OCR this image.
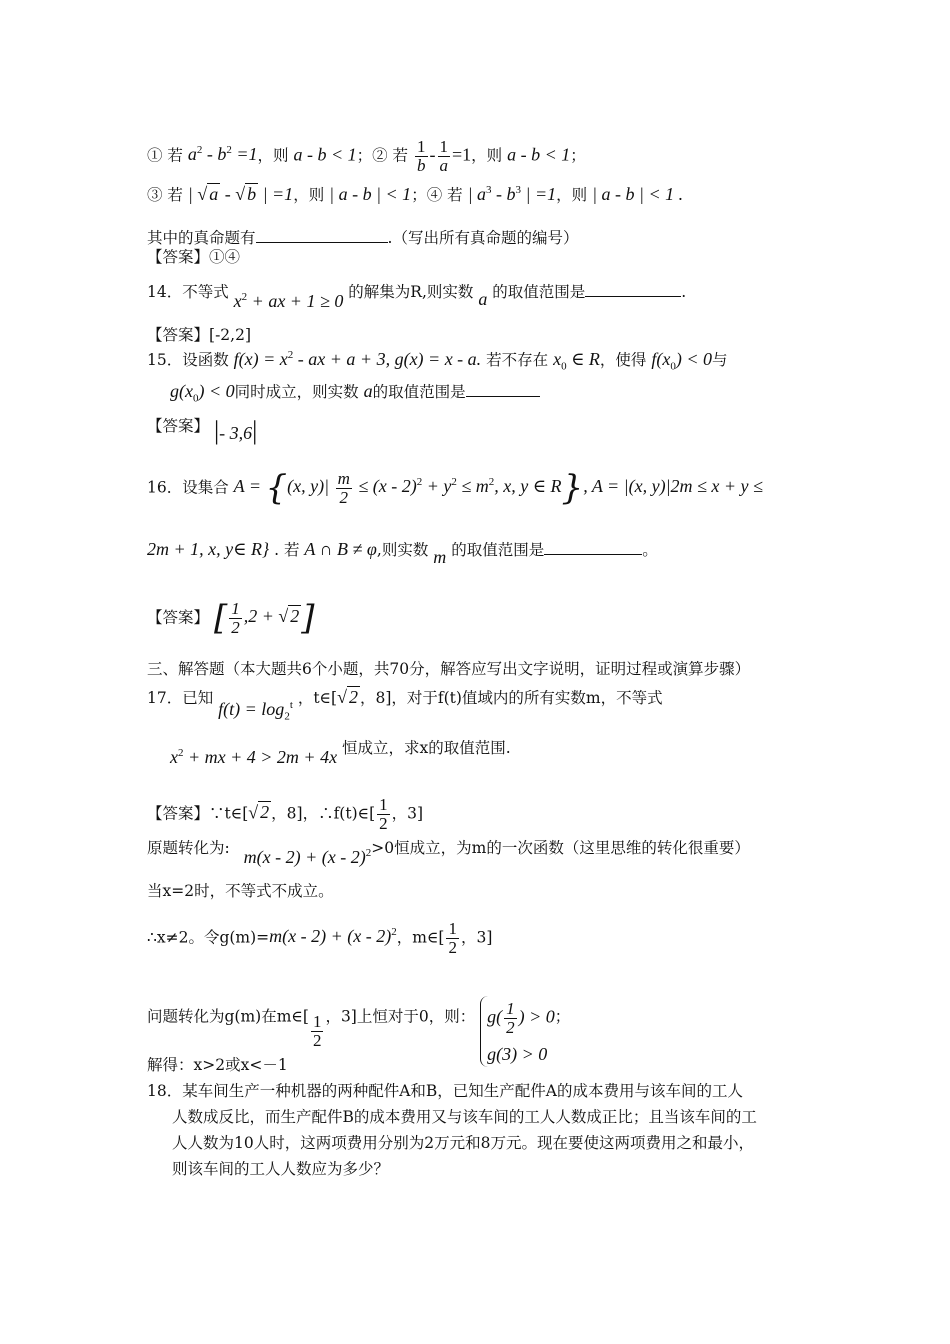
① 若 $a^2 - b^2 =1$，则 a - b < 1；② 若 $\frac{1}{b} - \frac{1}{a} =1$，则 a - b < 1；
③ 若 | √ a - √ b | =1，则 | a - b | < 1；④ 若 | $a^3 - b^3$ | =1，则 | a - b | < 1 .
其中的真命题有	.（写出所有真命题的编号）
【答案】①④
14．不等式 $x^2$ + ax + 1 ≥ 0 的解集为R,则实数 a 的取值范围是	.
【答案】[-2,2]
15．设函数 $f(x) = x^2$ - ax + a + 3, g(x) = x - a. 若不存在 $x_0$ ∈ R，使得 $f(x_0) < 0$与
$g(x_0) < 0$同时成立，则实数 a的取值范围是
【答案】 |- 3,6|
16．设集合 A = {(x, $y)| \frac{m}{2} \le (x - 2)^2 + y^2 \le m^2$, x, y ∈ R}, A = |(x, y)|2m ≤ x + y ≤
2m + 1, x, y∈ R} . 若 A ∩ B ≠ φ,则实数 m 的取值范围是	。
【答案】 [ $\frac{1}{2} ,2$ + √ 2]
三、解答题（本大题共6个小题，共70分，解答应写出文字说明，证明过程或演算步骤）
17．已知 $f(t) = \log_2^t$ ，t∈[√ 2 ，8]，对于f(t)值域内的所有实数m，不等式
$x^2$ + mx + 4 > 2m + 4x 恒成立，求x的取值范围.
【答案】∵t∈[√ 2 ，8]，∴f(t)∈[ $\frac{1}{2}$ ，3]
原题转化为:   m(x - 2) + (x - 2)$^2$>0恒成立，为m的一次函数（这里思维的转化很重要）
当x=2时，不等式不成立。
∴x≠2。令g(m)=m(x - 2) + (x - 2)$^2$，m∈[ $\frac{1}{2}$ ，3]
问题转化为g(m)在m∈[ $\frac{1}{2}$ ，3]上恒对于0，则： $g( \frac{1}{2}$ ) > 0
g(3) > 0
；
解得：x>2或x<－1
18．某车间生产一种机器的两种配件A和B，已知生产配件A的成本费用与该车间的工人
人数成反比，而生产配件B的成本费用又与该车间的工人人数成正比；且当该车间的工
人人数为10人时，这两项费用分别为2万元和8万元。现在要使这两项费用之和最小，
则该车间的工人人数应为多少？
